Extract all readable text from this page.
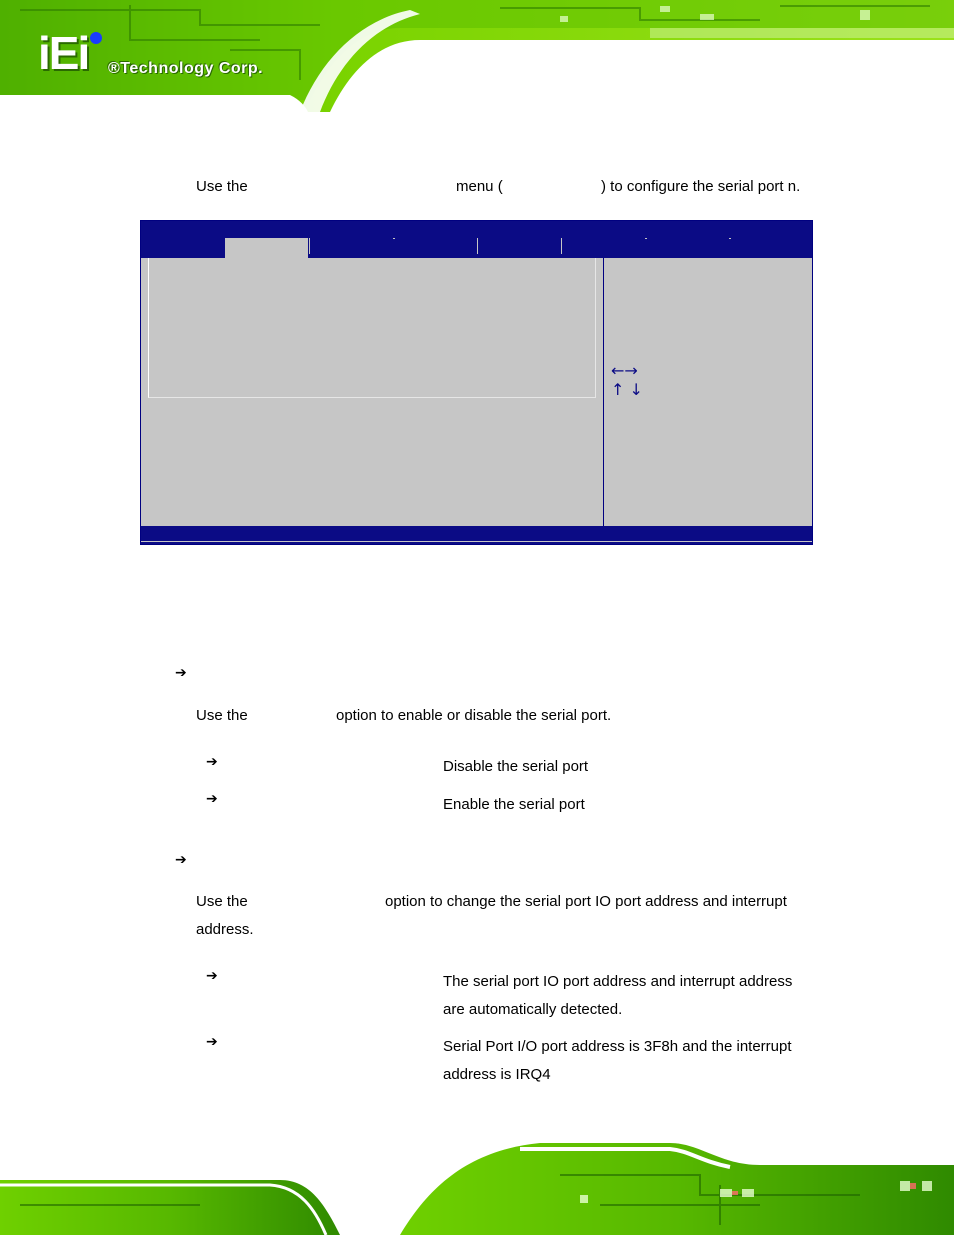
iEi ®Technology Corp.
Use the	menu (	) to configure the serial port n.
←→
↑ ↓
➔
Use the	option to enable or disable the serial port.
➔	Disable the serial port
➔	Enable the serial port
➔
Use the	option to change the serial port IO port address and interrupt
address.
➔	The serial port IO port address and interrupt address
are automatically detected.
➔	Serial Port I/O port address is 3F8h and the interrupt
address is IRQ4
